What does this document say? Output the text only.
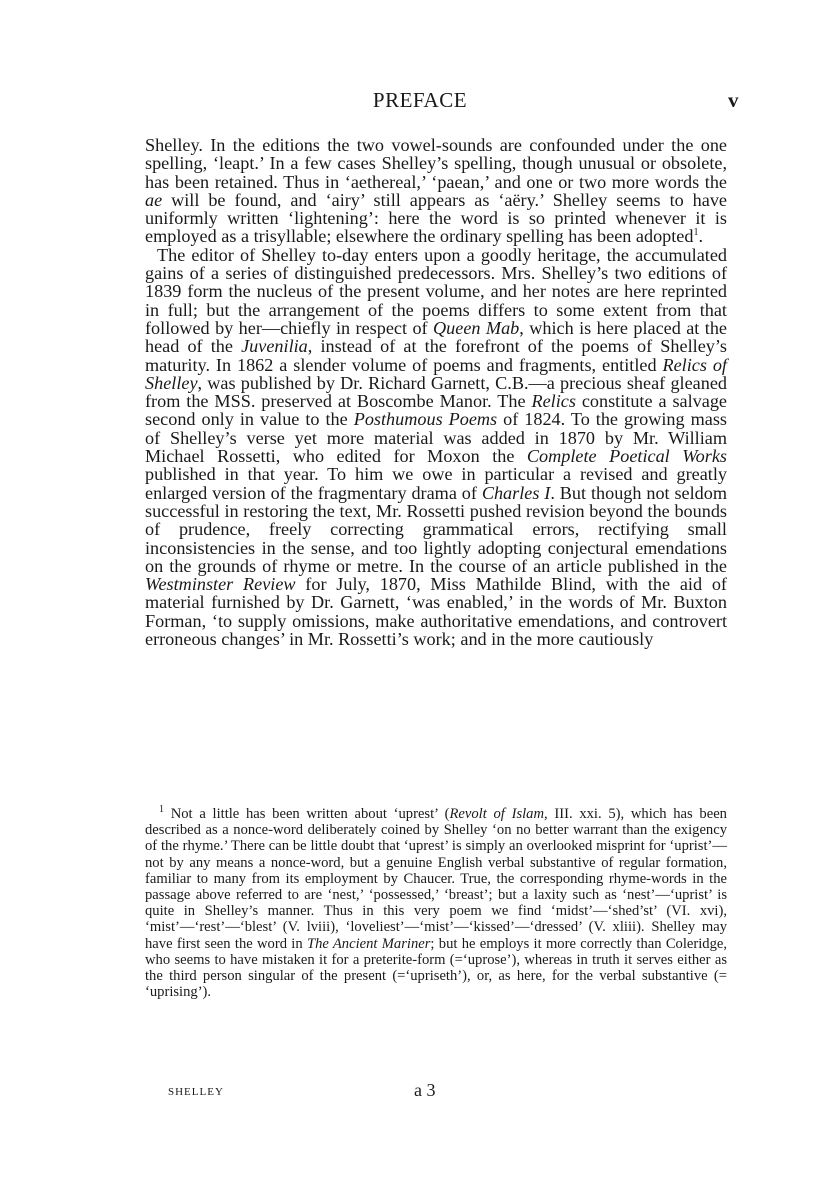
PREFACE	v

Shelley. In the editions the two vowel-sounds are confounded under the one spelling, ‘leapt.’ In a few cases Shelley’s spelling, though unusual or obsolete, has been retained. Thus in ‘aethereal,’ ‘paean,’ and one or two more words the ae will be found, and ‘airy’ still appears as ‘aëry.’ Shelley seems to have uniformly written ‘lightening’: here the word is so printed whenever it is employed as a trisyllable; elsewhere the ordinary spelling has been adopted$^1$.

The editor of Shelley to-day enters upon a goodly heritage, the accumulated gains of a series of distinguished predecessors. Mrs. Shelley’s two editions of 1839 form the nucleus of the present volume, and her notes are here reprinted in full; but the arrangement of the poems differs to some extent from that followed by her—chiefly in respect of Queen Mab, which is here placed at the head of the Juvenilia, instead of at the forefront of the poems of Shelley’s maturity. In 1862 a slender volume of poems and fragments, entitled Relics of Shelley, was published by Dr. Richard Garnett, C.B.—a precious sheaf gleaned from the MSS. preserved at Boscombe Manor. The Relics constitute a salvage second only in value to the Posthumous Poems of 1824. To the growing mass of Shelley’s verse yet more material was added in 1870 by Mr. William Michael Rossetti, who edited for Moxon the Complete Poetical Works published in that year. To him we owe in particular a revised and greatly enlarged version of the fragmentary drama of Charles I. But though not seldom successful in restoring the text, Mr. Rossetti pushed revision beyond the bounds of prudence, freely correcting grammatical errors, rectifying small inconsistencies in the sense, and too lightly adopting conjectural emendations on the grounds of rhyme or metre. In the course of an article published in the Westminster Review for July, 1870, Miss Mathilde Blind, with the aid of material furnished by Dr. Garnett, ‘was enabled,’ in the words of Mr. Buxton Forman, ‘to supply omissions, make authoritative emendations, and controvert erroneous changes’ in Mr. Rossetti’s work; and in the more cautiously

$^1$ Not a little has been written about ‘uprest’ (Revolt of Islam, III. xxi. 5), which has been described as a nonce-word deliberately coined by Shelley ‘on no better warrant than the exigency of the rhyme.’ There can be little doubt that ‘uprest’ is simply an overlooked misprint for ‘uprist’—not by any means a nonce-word, but a genuine English verbal substantive of regular formation, familiar to many from its employment by Chaucer. True, the corresponding rhyme-words in the passage above referred to are ‘nest,’ ‘possessed,’ ‘breast’; but a laxity such as ‘nest’—‘uprist’ is quite in Shelley’s manner. Thus in this very poem we find ‘midst’—‘shed’st’ (VI. xvi), ‘mist’—‘rest’—‘blest’ (V. lviii), ‘loveliest’—‘mist’—‘kissed’—‘dressed’ (V. xliii). Shelley may have first seen the word in The Ancient Mariner; but he employs it more correctly than Coleridge, who seems to have mistaken it for a preterite-form (=‘uprose’), whereas in truth it serves either as the third person singular of the present (=‘upriseth’), or, as here, for the verbal substantive (= ‘uprising’).

SHELLEY	a 3
